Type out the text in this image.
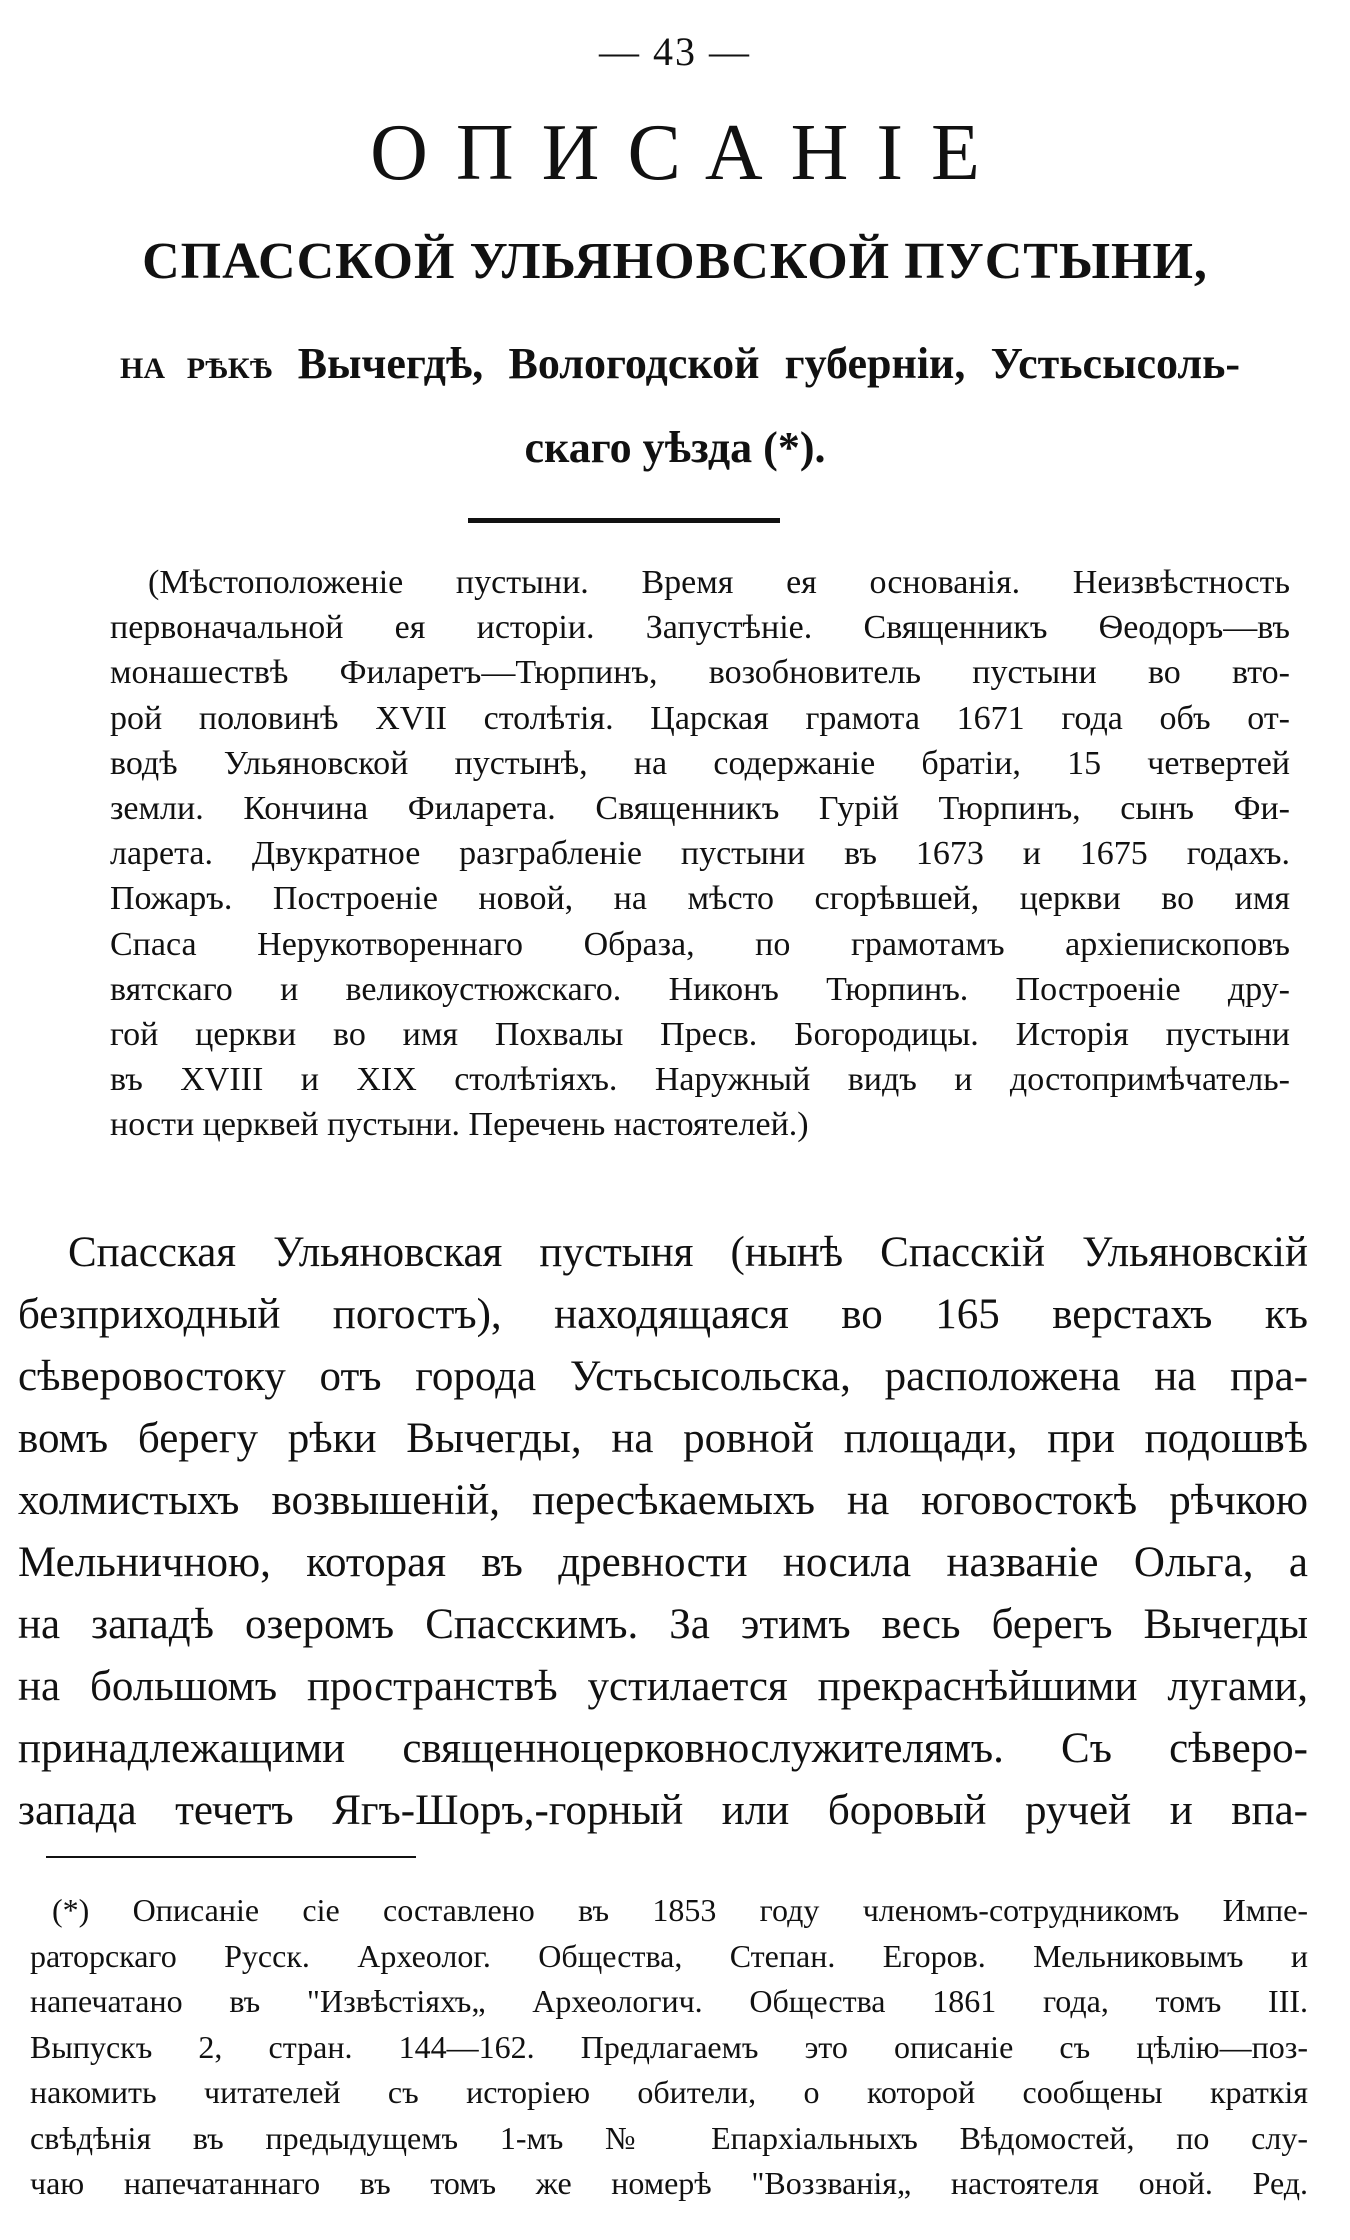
— 43 —
ОПИСАНІЕ
СПАССКОЙ УЛЬЯНОВСКОЙ ПУСТЫНИ,
НА РѢКѢ Вычегдѣ, Вологодской губерніи, Устьсысоль-
скаго уѣзда (*).
(Мѣстоположеніе пустыни. Время ея основанія. Неизвѣстность
первоначальной ея исторіи. Запустѣніе. Священникъ Ѳеодоръ—въ
монашествѣ Филаретъ—Тюрпинъ, возобновитель пустыни во вто-
рой половинѣ XVII столѣтія. Царская грамота 1671 года объ от-
водѣ Ульяновской пустынѣ, на содержаніе братіи, 15 четвертей
земли. Кончина Филарета. Священникъ Гурій Тюрпинъ, сынъ Фи-
ларета. Двукратное разграбленіе пустыни въ 1673 и 1675 годахъ.
Пожаръ. Построеніе новой, на мѣсто сгорѣвшей, церкви во имя
Спаса Нерукотвореннаго Образа, по грамотамъ архіепископовъ
вятскаго и великоустюжскаго. Никонъ Тюрпинъ. Построеніе дру-
гой церкви во имя Похвалы Пресв. Богородицы. Исторія пустыни
въ XVIII и XIX столѣтіяхъ. Наружный видъ и достопримѣчатель-
ности церквей пустыни. Перечень настоятелей.)
Спасская Ульяновская пустыня (нынѣ Спасскій Ульяновскій
безприходный погостъ), находящаяся во 165 верстахъ къ
сѣверовостоку отъ города Устьсысольска, расположена на пра-
вомъ берегу рѣки Вычегды, на ровной площади, при подошвѣ
холмистыхъ возвышеній, пересѣкаемыхъ на юговостокѣ рѣчкою
Мельничною, которая въ древности носила названіе Ольга, а
на западѣ озеромъ Спасскимъ. За этимъ весь берегъ Вычегды
на большомъ пространствѣ устилается прекраснѣйшими лугами,
принадлежащими священноцерковнослужителямъ. Съ сѣверо-
запада течетъ Ягъ-Шоръ,-горный или боровый ручей и впа-
(*) Описаніе сіе составлено въ 1853 году членомъ-сотрудникомъ Импе-
раторскаго Русск. Археолог. Общества, Степан. Егоров. Мельниковымъ и
напечатано въ "Извѣстіяхъ„ Археологич. Общества 1861 года, томъ III.
Выпускъ 2, стран. 144—162. Предлагаемъ это описаніе съ цѣлію—поз-
накомить читателей съ исторіею обители, о которой сообщены краткія
свѣдѣнія въ предыдущемъ 1-мъ № Епархіальныхъ Вѣдомостей, по слу-
чаю напечатаннаго въ томъ же номерѣ "Воззванія„ настоятеля оной. Ред.
